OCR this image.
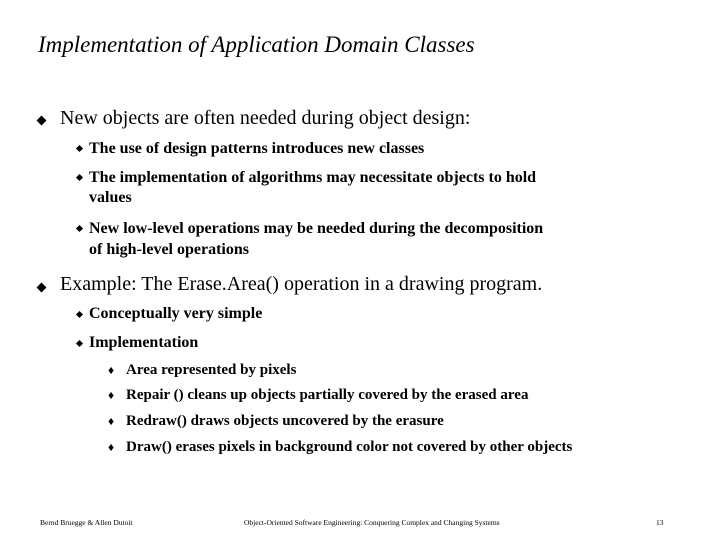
Implementation of Application Domain Classes
New objects are often needed during object design:
The use of design patterns introduces new classes
The implementation of algorithms may necessitate objects to hold
values
New low-level operations may be needed during the decomposition
of high-level operations
Example: The Erase.Area() operation in a drawing program.
Conceptually very simple
Implementation
♦ Area represented by pixels
♦ Repair () cleans up objects partially covered by the erased area
♦ Redraw() draws objects uncovered by the erasure
♦ Draw() erases pixels in background color not covered by other objects
Bernd Bruegge & Allen Dutoit	Object-Oriented Software Engineering: Conquering Complex and Changing Systems	13
